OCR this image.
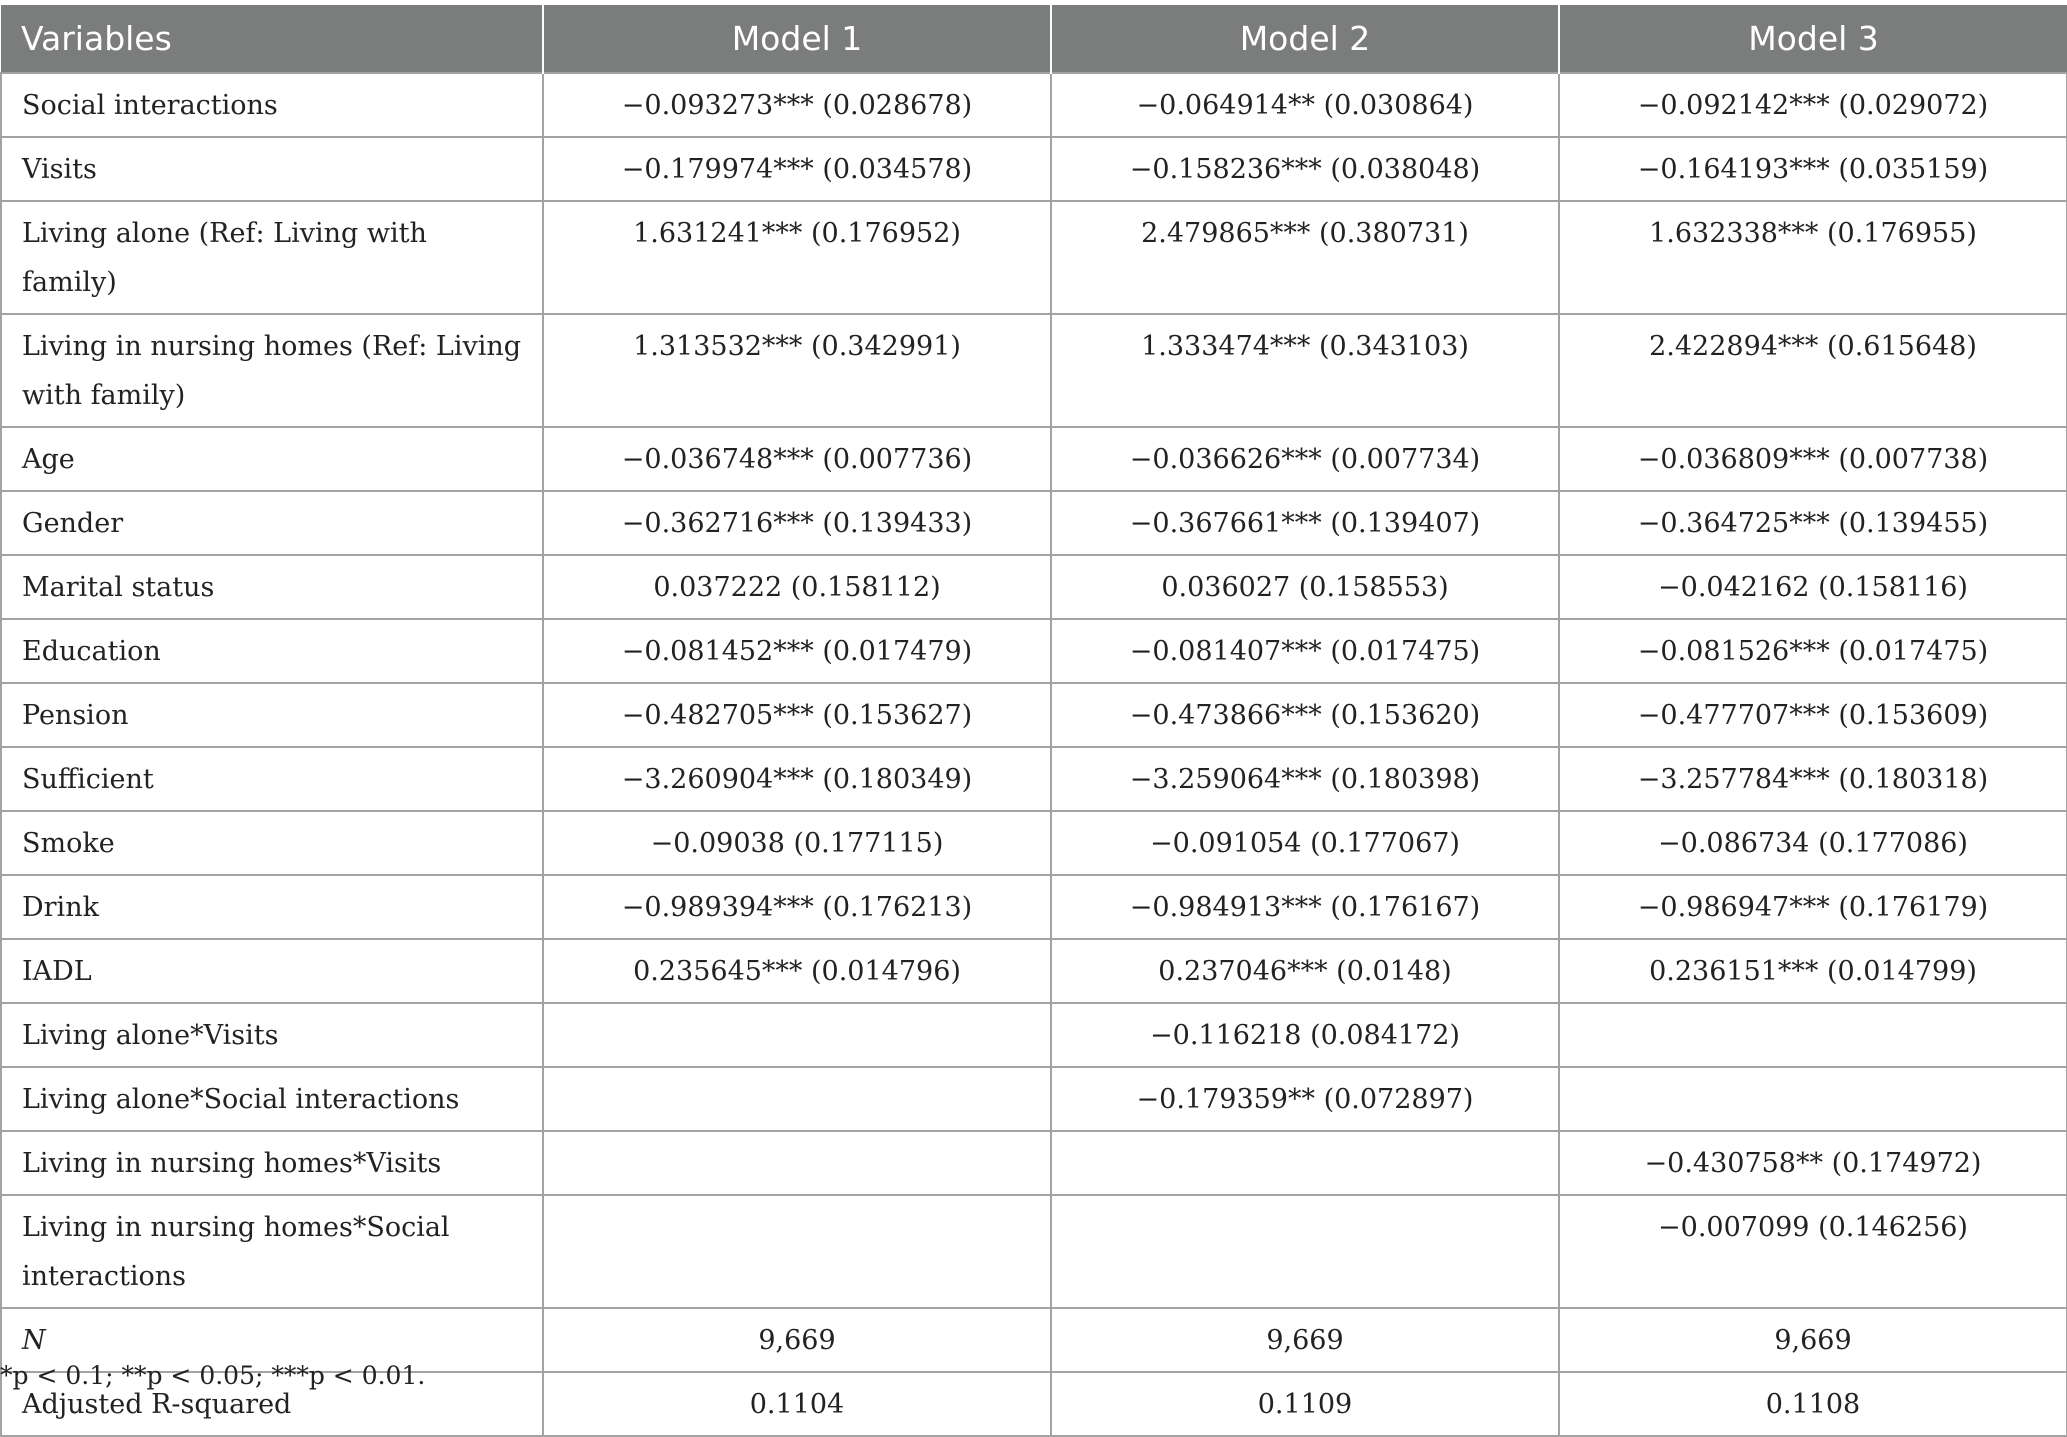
Variables	Model 1	Model 2	Model 3
Social interactions	−0.093273*** (0.028678)	−0.064914** (0.030864)	−0.092142*** (0.029072)
Visits	−0.179974*** (0.034578)	−0.158236*** (0.038048)	−0.164193*** (0.035159)
Living alone (Ref: Living with family)	1.631241*** (0.176952)	2.479865*** (0.380731)	1.632338*** (0.176955)
Living in nursing homes (Ref: Living with family)	1.313532*** (0.342991)	1.333474*** (0.343103)	2.422894*** (0.615648)
Age	−0.036748*** (0.007736)	−0.036626*** (0.007734)	−0.036809*** (0.007738)
Gender	−0.362716*** (0.139433)	−0.367661*** (0.139407)	−0.364725*** (0.139455)
Marital status	0.037222 (0.158112)	0.036027 (0.158553)	−0.042162 (0.158116)
Education	−0.081452*** (0.017479)	−0.081407*** (0.017475)	−0.081526*** (0.017475)
Pension	−0.482705*** (0.153627)	−0.473866*** (0.153620)	−0.477707*** (0.153609)
Sufficient	−3.260904*** (0.180349)	−3.259064*** (0.180398)	−3.257784*** (0.180318)
Smoke	−0.09038 (0.177115)	−0.091054 (0.177067)	−0.086734 (0.177086)
Drink	−0.989394*** (0.176213)	−0.984913*** (0.176167)	−0.986947*** (0.176179)
IADL	0.235645*** (0.014796)	0.237046*** (0.0148)	0.236151*** (0.014799)
Living alone*Visits		−0.116218 (0.084172)	
Living alone*Social interactions		−0.179359** (0.072897)	
Living in nursing homes*Visits			−0.430758** (0.174972)
Living in nursing homes*Social interactions			−0.007099 (0.146256)
N	9,669	9,669	9,669
Adjusted R-squared	0.1104	0.1109	0.1108
*p < 0.1; **p < 0.05; ***p < 0.01.
